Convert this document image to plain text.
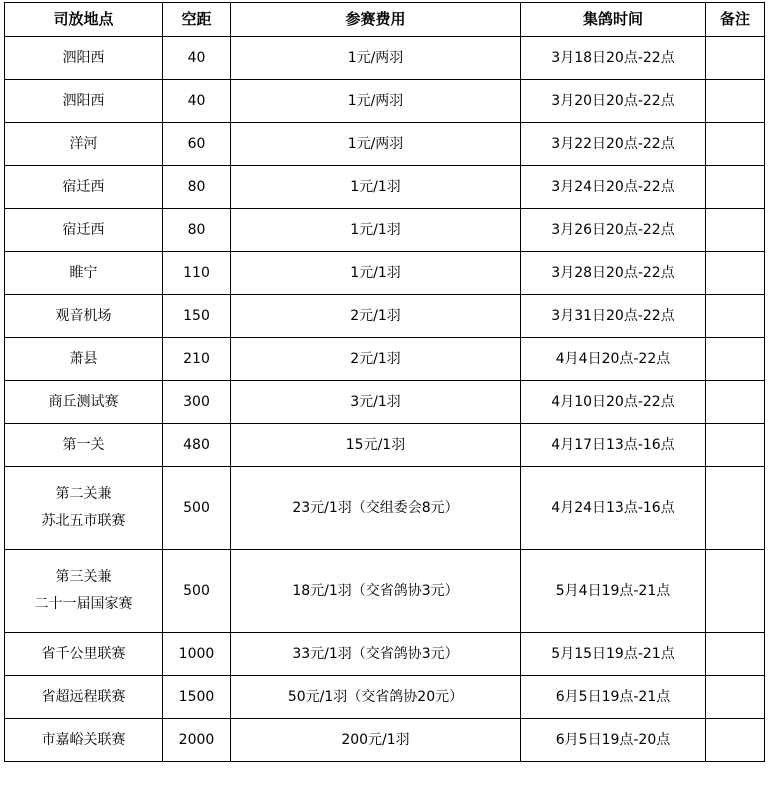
司放地点	空距	参赛费用	集鸽时间	备注
泗阳西	40	1元/两羽	3月18日20点-22点	
泗阳西	40	1元/两羽	3月20日20点-22点	
洋河	60	1元/两羽	3月22日20点-22点	
宿迁西	80	1元/1羽	3月24日20点-22点	
宿迁西	80	1元/1羽	3月26日20点-22点	
睢宁	110	1元/1羽	3月28日20点-22点	
观音机场	150	2元/1羽	3月31日20点-22点	
萧县	210	2元/1羽	4月4日20点-22点	
商丘测试赛	300	3元/1羽	4月10日20点-22点	
第一关	480	15元/1羽	4月17日13点-16点	

第二关兼
苏北五市联赛	500	23元/1羽（交组委会8元）	4月24日13点-16点	

第三关兼
二十一届国家赛	500	18元/1羽（交省鸽协3元）	5月4日19点-21点	
省千公里联赛	1000	33元/1羽（交省鸽协3元）	5月15日19点-21点	
省超远程联赛	1500	50元/1羽（交省鸽协20元）	6月5日19点-21点	
市嘉峪关联赛	2000	200元/1羽	6月5日19点-20点	
